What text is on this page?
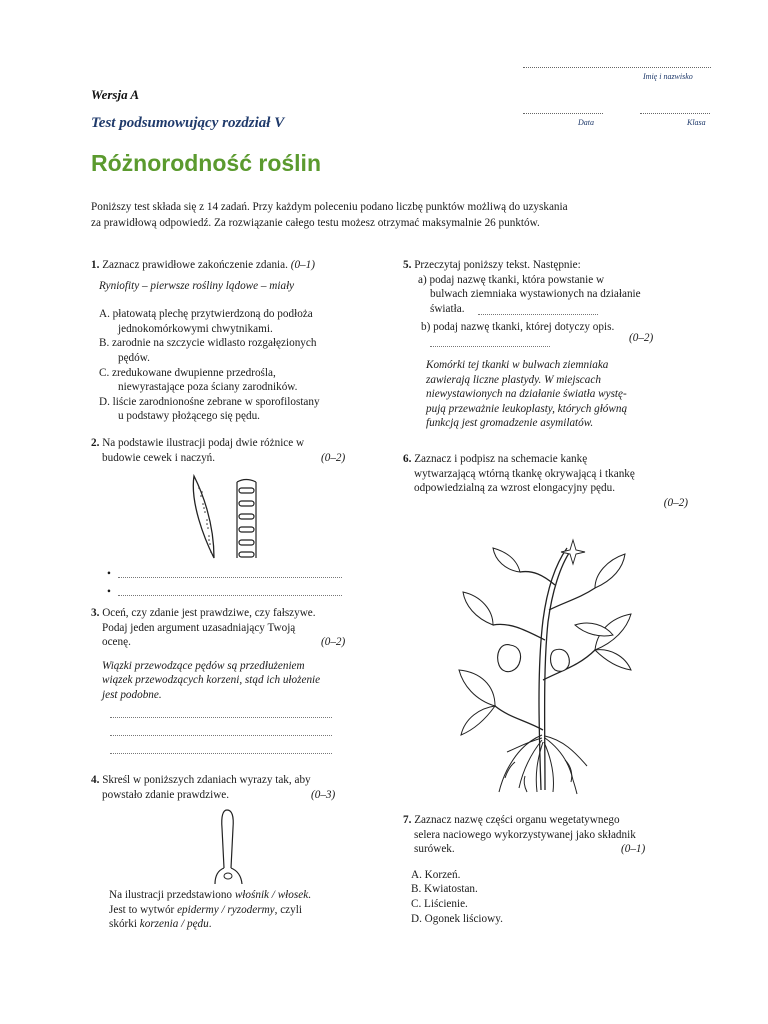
Imię i nazwisko
Data	Klasa
Wersja A
Test podsumowujący rozdział V
Różnorodność roślin
Poniższy test składa się z 14 zadań. Przy każdym poleceniu podano liczbę punktów możliwą do uzyskania
za prawidłową odpowiedź. Za rozwiązanie całego testu możesz otrzymać maksymalnie 26 punktów.
1. Zaznacz prawidłowe zakończenie zdania. (0–1)
Ryniofity – pierwsze rośliny lądowe – miały
A. płatowatą plechę przytwierdzoną do podłoża
jednokomórkowymi chwytnikami.
B. zarodnie na szczycie widlasto rozgałęzionych
pędów.
C. zredukowane dwupienne przedrośla,
niewyrastające poza ściany zarodników.
D. liście zarodnionośne zebrane w sporofilostany
u podstawy płożącego się pędu.
2. Na podstawie ilustracji podaj dwie różnice w
budowie cewek i naczyń.	(0–2)
•
•
3. Oceń, czy zdanie jest prawdziwe, czy fałszywe.
Podaj jeden argument uzasadniający Twoją
ocenę.	(0–2)
Wiązki przewodzące pędów są przedłużeniem
wiązek przewodzących korzeni, stąd ich ułożenie
jest podobne.
4. Skreśl w poniższych zdaniach wyrazy tak, aby
powstało zdanie prawdziwe.	(0–3)
Na ilustracji przedstawiono włośnik / włosek.
Jest to wytwór epidermy / ryzodermy, czyli
skórki korzenia / pędu.
5. Przeczytaj poniższy tekst. Następnie:
a) podaj nazwę tkanki, która powstanie w
bulwach ziemniaka wystawionych na działanie
światła.
b) podaj nazwę tkanki, której dotyczy opis.
(0–2)
Komórki tej tkanki w bulwach ziemniaka
zawierają liczne plastydy. W miejscach
niewystawionych na działanie światła wystę-
pują przeważnie leukoplasty, których główną
funkcją jest gromadzenie asymilatów.
6. Zaznacz i podpisz na schemacie kankę
wytwarzającą wtórną tkankę okrywającą i tkankę
odpowiedzialną za wzrost elongacyjny pędu.
(0–2)
7. Zaznacz nazwę części organu wegetatywnego
selera naciowego wykorzystywanej jako składnik
surówek.	(0–1)
A. Korzeń.
B. Kwiatostan.
C. Liścienie.
D. Ogonek liściowy.
